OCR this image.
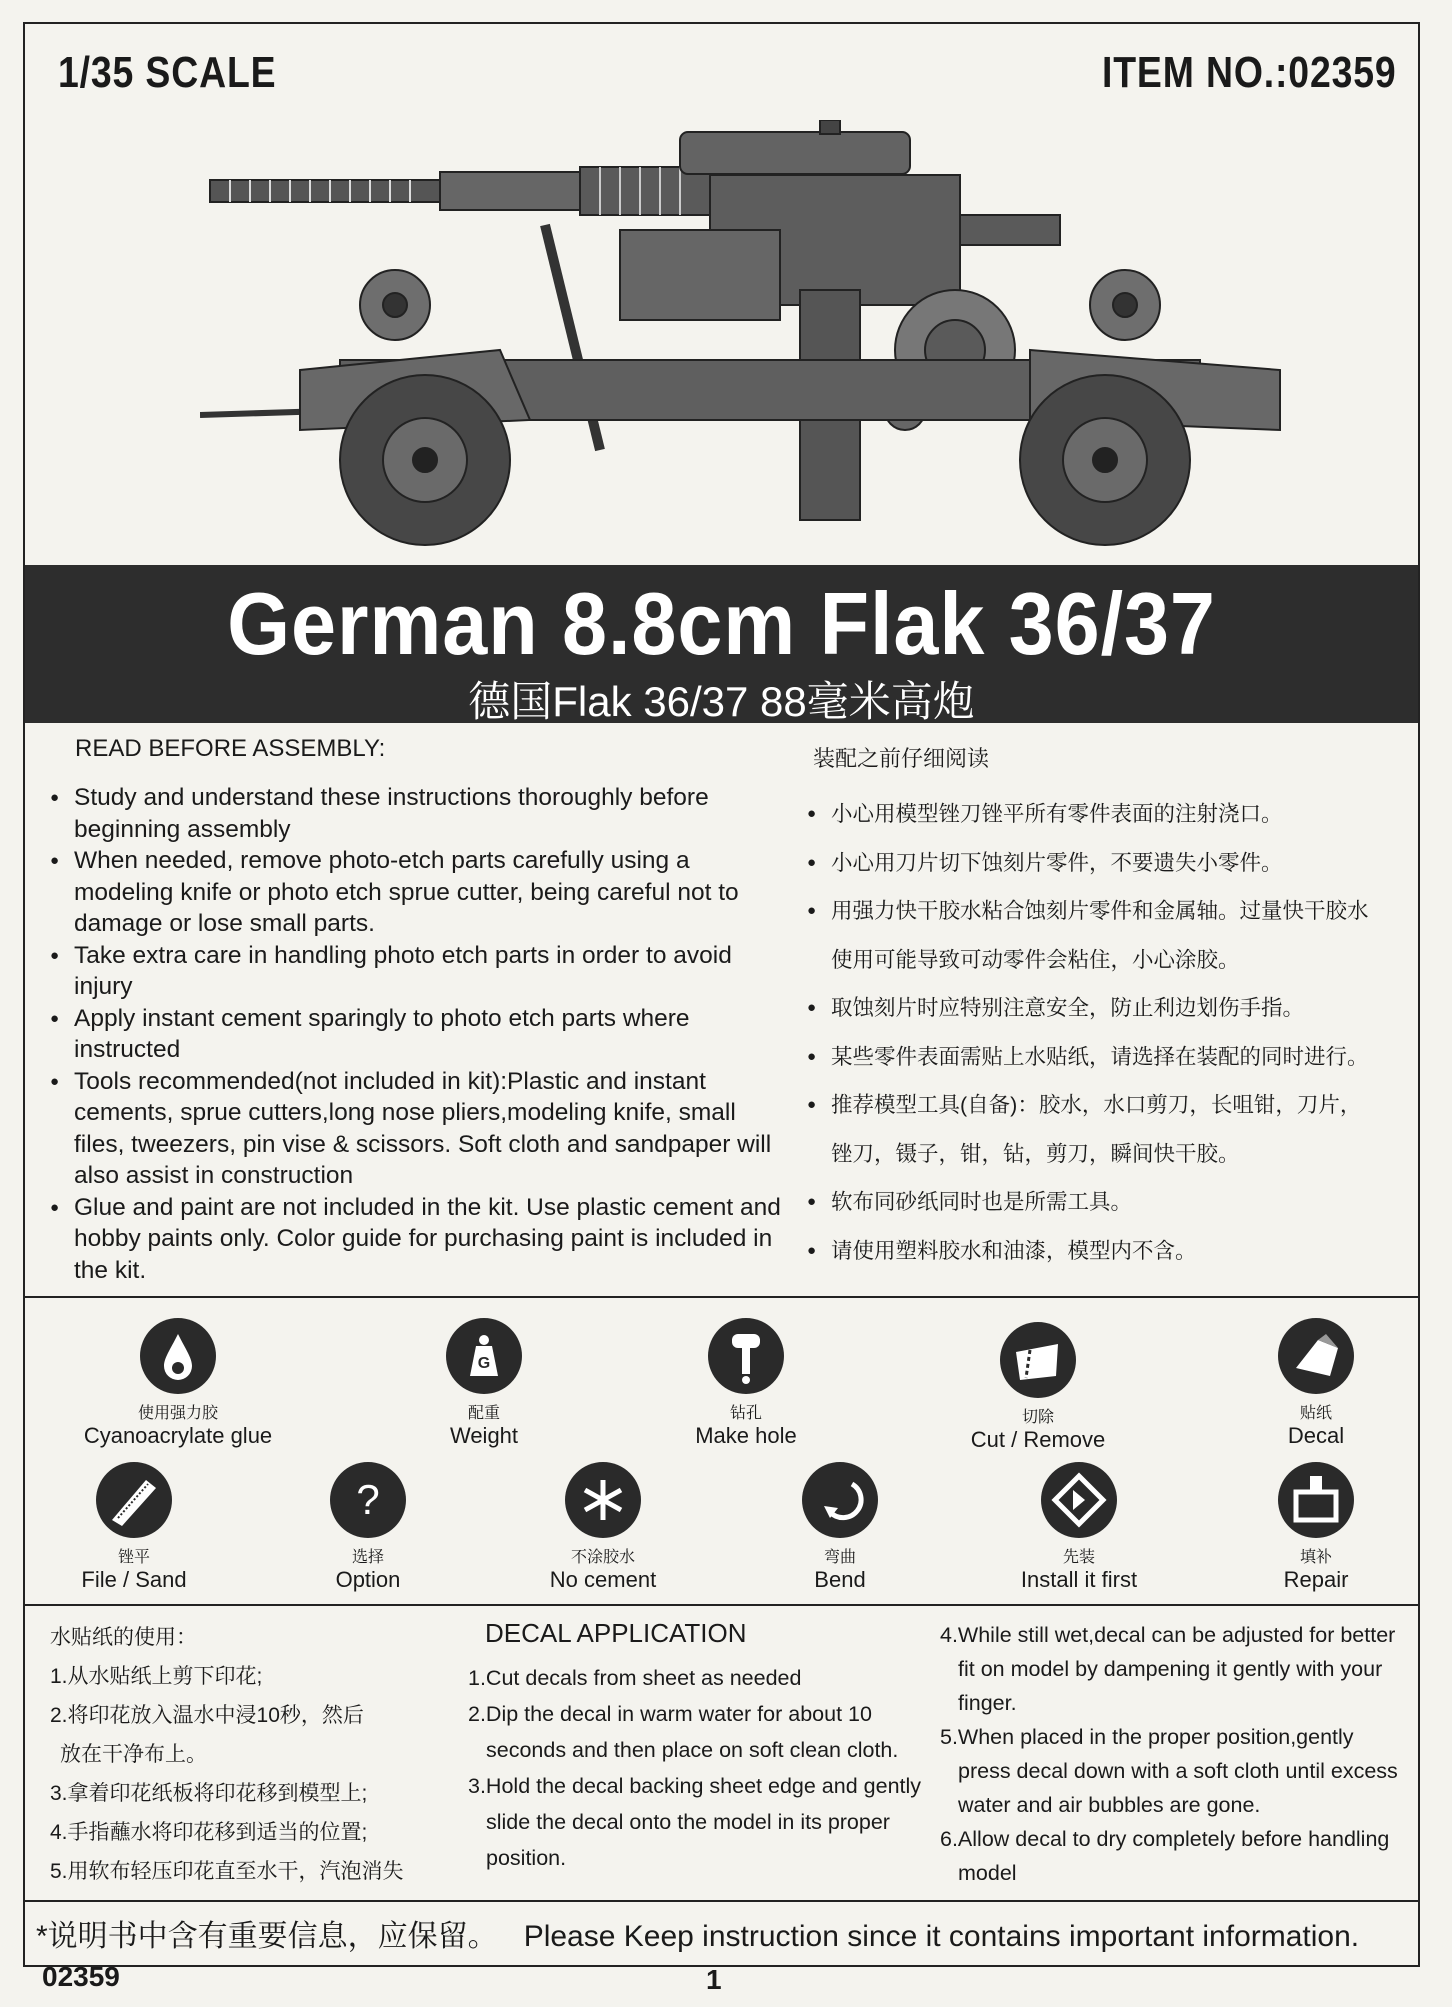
1/35 SCALE	ITEM NO.:02359
German 8.8cm Flak 36/37
德国Flak 36/37 88毫米高炮
READ BEFORE ASSEMBLY:	装配之前仔细阅读
● Study and understand these instructions thoroughly before beginning assembly
● When needed, remove photo-etch parts carefully using a modeling knife or photo etch sprue cutter, being careful not to damage or lose small parts.
● Take extra care in handling photo etch parts in order to avoid injury
● Apply instant cement sparingly to photo etch parts where instructed
● Tools recommended(not included in kit):Plastic and instant cements, sprue cutters,long nose pliers,modeling knife, small files, tweezers, pin vise & scissors. Soft cloth and sandpaper will also assist in construction
● Glue and paint are not included in the kit. Use plastic cement and hobby paints only. Color guide for purchasing paint is included in the kit.
● 小心用模型锉刀锉平所有零件表面的注射浇口。
● 小心用刀片切下蚀刻片零件，不要遗失小零件。
● 用强力快干胶水粘合蚀刻片零件和金属轴。过量快干胶水
使用可能导致可动零件会粘住，小心涂胶。
● 取蚀刻片时应特别注意安全，防止利边划伤手指。
● 某些零件表面需贴上水贴纸，请选择在装配的同时进行。
● 推荐模型工具(自备)：胶水，水口剪刀，长咀钳，刀片，
锉刀，镊子，钳，钻，剪刀，瞬间快干胶。
● 软布同砂纸同时也是所需工具。
● 请使用塑料胶水和油漆，模型内不含。
使用强力胶
Cyanoacrylate glue
G
配重
Weight
钻孔
Make hole
切除
Cut / Remove
贴纸
Decal
锉平
File / Sand
?
选择
Option
不涂胶水
No cement
弯曲
Bend
先装
Install it first
填补
Repair
水贴纸的使用：
1.从水贴纸上剪下印花;
2.将印花放入温水中浸10秒，然后
放在干净布上。
3.拿着印花纸板将印花移到模型上;
4.手指蘸水将印花移到适当的位置;
5.用软布轻压印花直至水干，汽泡消失
DECAL APPLICATION
1.Cut decals from sheet as needed
2.Dip the decal in warm water for about 10 seconds and then place on soft clean cloth.
3.Hold the decal backing sheet edge and gently slide the decal onto the model in its proper position.
4.While still wet,decal can be adjusted for better fit on model by dampening it gently with your finger.
5.When placed in the proper position,gently press decal down with a soft cloth until excess water and air bubbles are gone.
6.Allow decal to dry completely before handling model
*说明书中含有重要信息，应保留。 Please Keep instruction since it contains important information.
02359	1
